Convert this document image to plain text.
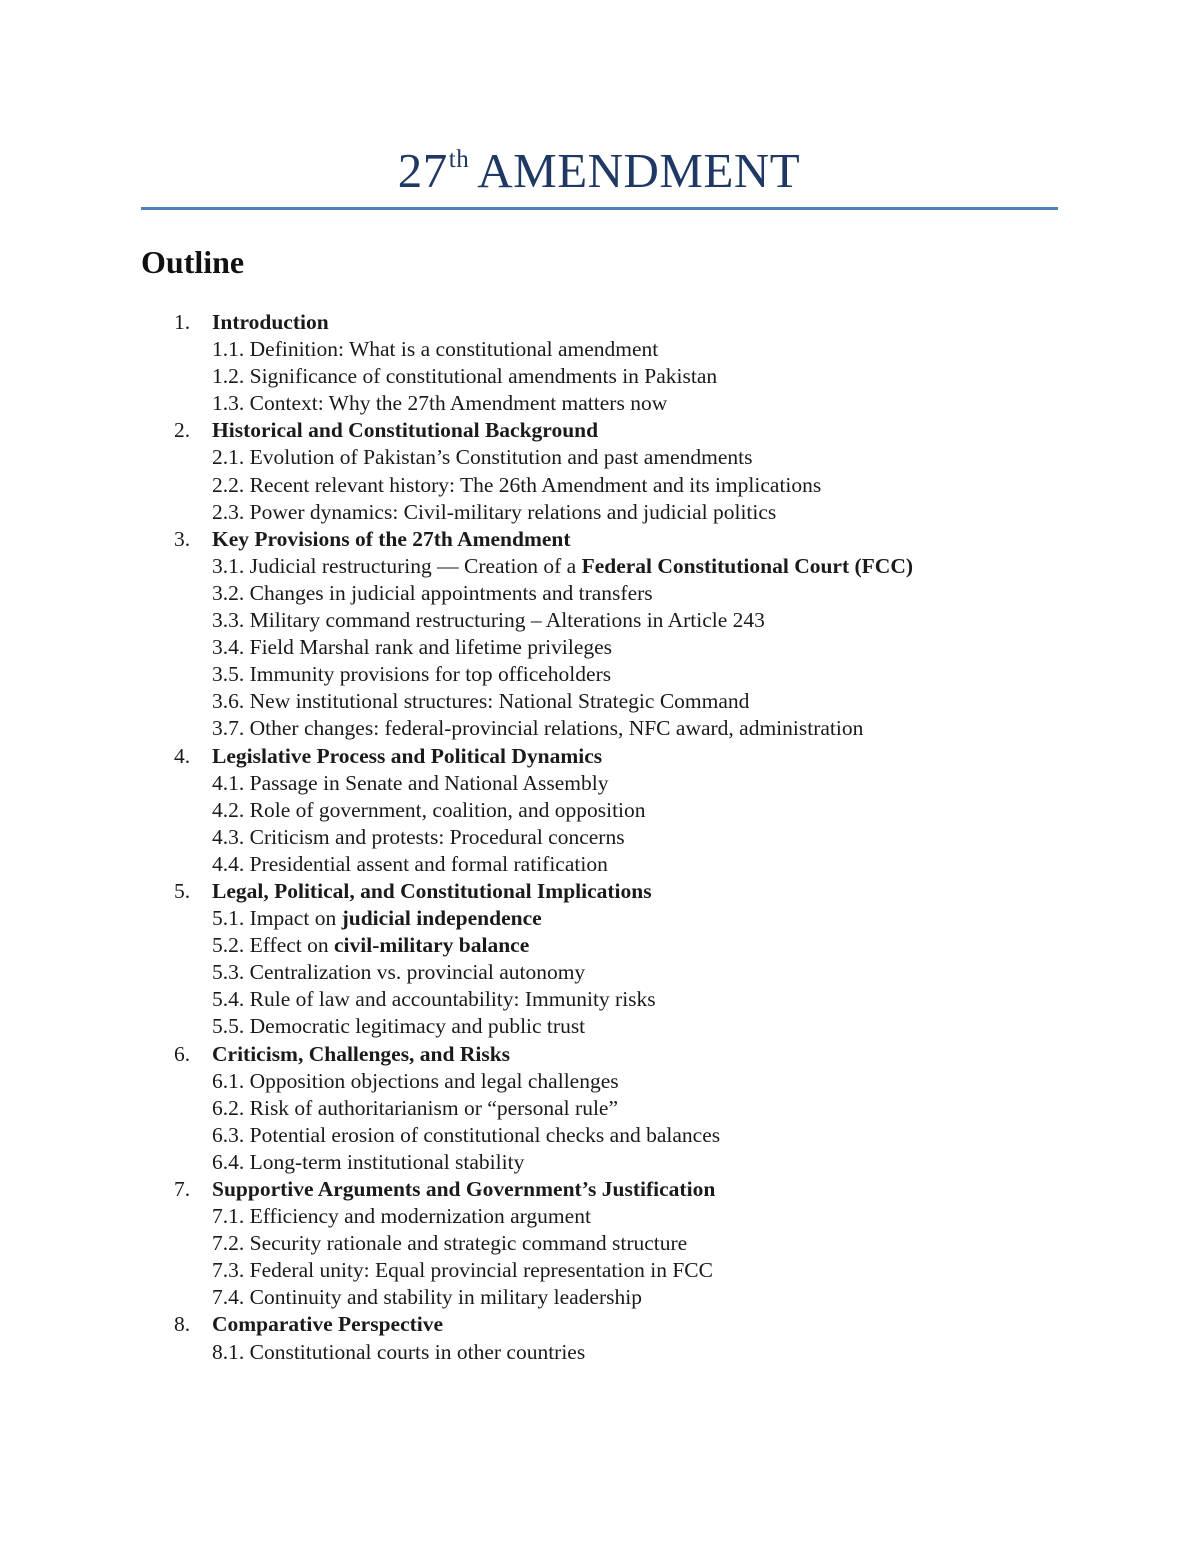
27th AMENDMENT
Outline
1. Introduction
1.1. Definition: What is a constitutional amendment
1.2. Significance of constitutional amendments in Pakistan
1.3. Context: Why the 27th Amendment matters now
2. Historical and Constitutional Background
2.1. Evolution of Pakistan’s Constitution and past amendments
2.2. Recent relevant history: The 26th Amendment and its implications
2.3. Power dynamics: Civil-military relations and judicial politics
3. Key Provisions of the 27th Amendment
3.1. Judicial restructuring — Creation of a Federal Constitutional Court (FCC)
3.2. Changes in judicial appointments and transfers
3.3. Military command restructuring – Alterations in Article 243
3.4. Field Marshal rank and lifetime privileges
3.5. Immunity provisions for top officeholders
3.6. New institutional structures: National Strategic Command
3.7. Other changes: federal-provincial relations, NFC award, administration
4. Legislative Process and Political Dynamics
4.1. Passage in Senate and National Assembly
4.2. Role of government, coalition, and opposition
4.3. Criticism and protests: Procedural concerns
4.4. Presidential assent and formal ratification
5. Legal, Political, and Constitutional Implications
5.1. Impact on judicial independence
5.2. Effect on civil-military balance
5.3. Centralization vs. provincial autonomy
5.4. Rule of law and accountability: Immunity risks
5.5. Democratic legitimacy and public trust
6. Criticism, Challenges, and Risks
6.1. Opposition objections and legal challenges
6.2. Risk of authoritarianism or “personal rule”
6.3. Potential erosion of constitutional checks and balances
6.4. Long-term institutional stability
7. Supportive Arguments and Government’s Justification
7.1. Efficiency and modernization argument
7.2. Security rationale and strategic command structure
7.3. Federal unity: Equal provincial representation in FCC
7.4. Continuity and stability in military leadership
8. Comparative Perspective
8.1. Constitutional courts in other countries
